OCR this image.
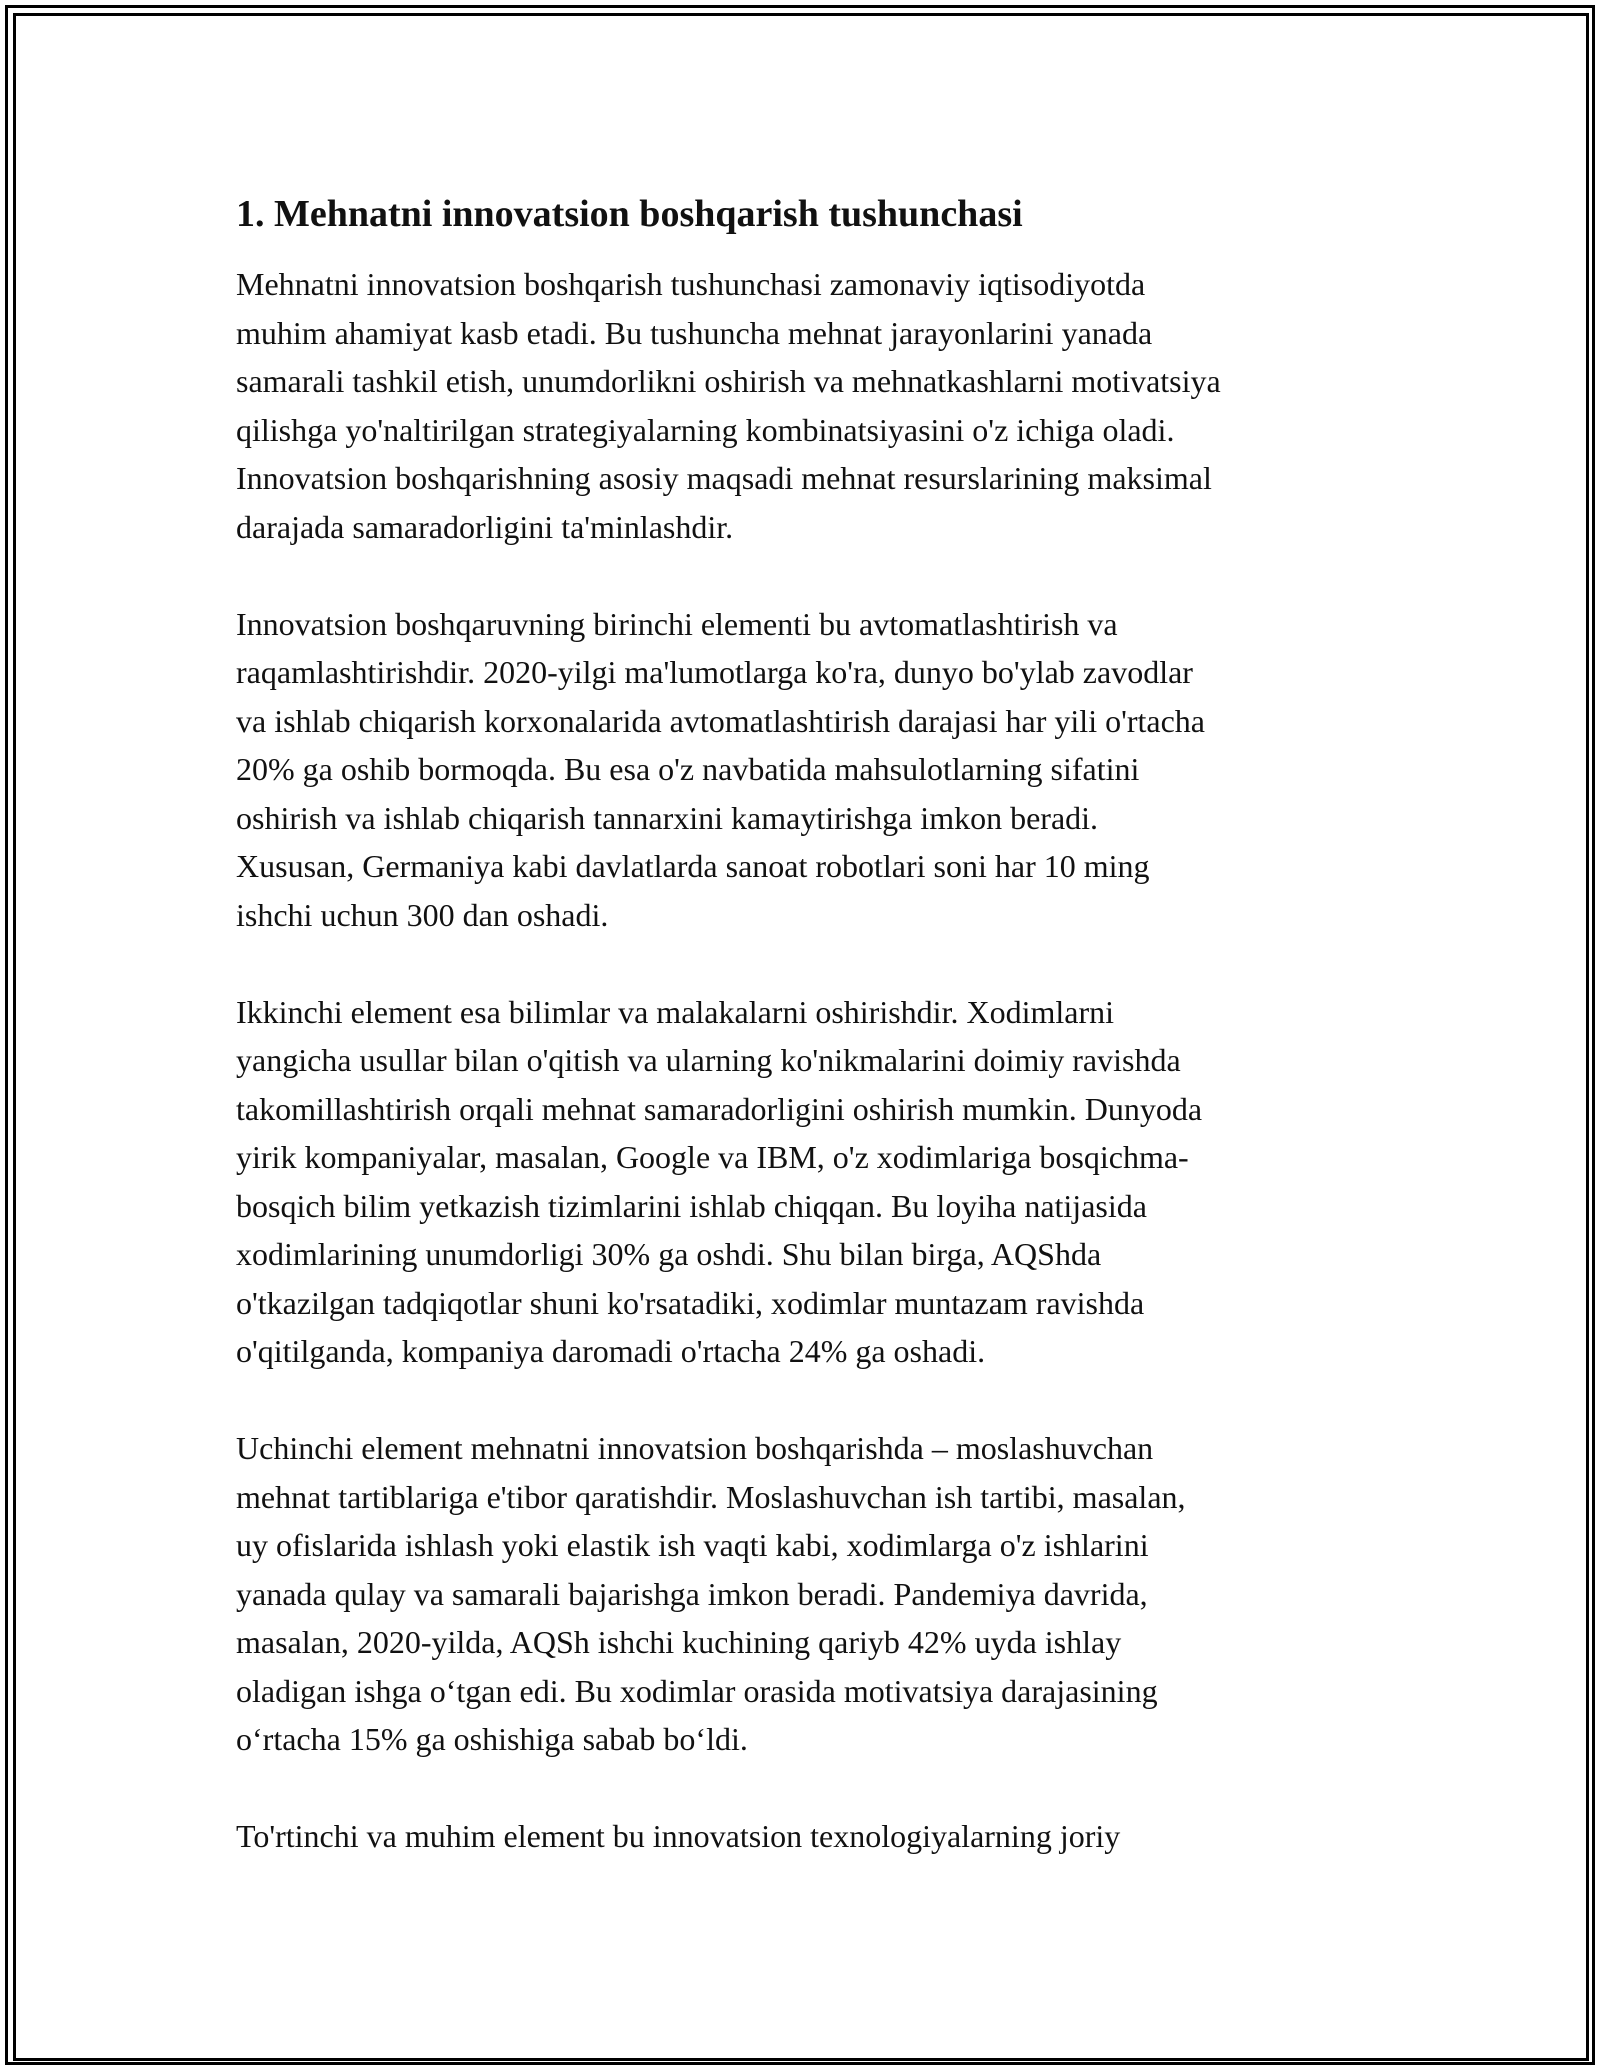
1. Mehnatni innovatsion boshqarish tushunchasi

Mehnatni innovatsion boshqarish tushunchasi zamonaviy iqtisodiyotda
muhim ahamiyat kasb etadi. Bu tushuncha mehnat jarayonlarini yanada
samarali tashkil etish, unumdorlikni oshirish va mehnatkashlarni motivatsiya
qilishga yo'naltirilgan strategiyalarning kombinatsiyasini o'z ichiga oladi.
Innovatsion boshqarishning asosiy maqsadi mehnat resurslarining maksimal
darajada samaradorligini ta'minlashdir.

Innovatsion boshqaruvning birinchi elementi bu avtomatlashtirish va
raqamlashtirishdir. 2020-yilgi ma'lumotlarga ko'ra, dunyo bo'ylab zavodlar
va ishlab chiqarish korxonalarida avtomatlashtirish darajasi har yili o'rtacha
20% ga oshib bormoqda. Bu esa o'z navbatida mahsulotlarning sifatini
oshirish va ishlab chiqarish tannarxini kamaytirishga imkon beradi.
Xususan, Germaniya kabi davlatlarda sanoat robotlari soni har 10 ming
ishchi uchun 300 dan oshadi.

Ikkinchi element esa bilimlar va malakalarni oshirishdir. Xodimlarni
yangicha usullar bilan o'qitish va ularning ko'nikmalarini doimiy ravishda
takomillashtirish orqali mehnat samaradorligini oshirish mumkin. Dunyoda
yirik kompaniyalar, masalan, Google va IBM, o'z xodimlariga bosqichma-
bosqich bilim yetkazish tizimlarini ishlab chiqqan. Bu loyiha natijasida
xodimlarining unumdorligi 30% ga oshdi. Shu bilan birga, AQShda
o'tkazilgan tadqiqotlar shuni ko'rsatadiki, xodimlar muntazam ravishda
o'qitilganda, kompaniya daromadi o'rtacha 24% ga oshadi.

Uchinchi element mehnatni innovatsion boshqarishda – moslashuvchan
mehnat tartiblariga e'tibor qaratishdir. Moslashuvchan ish tartibi, masalan,
uy ofislarida ishlash yoki elastik ish vaqti kabi, xodimlarga o'z ishlarini
yanada qulay va samarali bajarishga imkon beradi. Pandemiya davrida,
masalan, 2020-yilda, AQSh ishchi kuchining qariyb 42% uyda ishlay
oladigan ishga o‘tgan edi. Bu xodimlar orasida motivatsiya darajasining
o‘rtacha 15% ga oshishiga sabab bo‘ldi.

To'rtinchi va muhim element bu innovatsion texnologiyalarning joriy
